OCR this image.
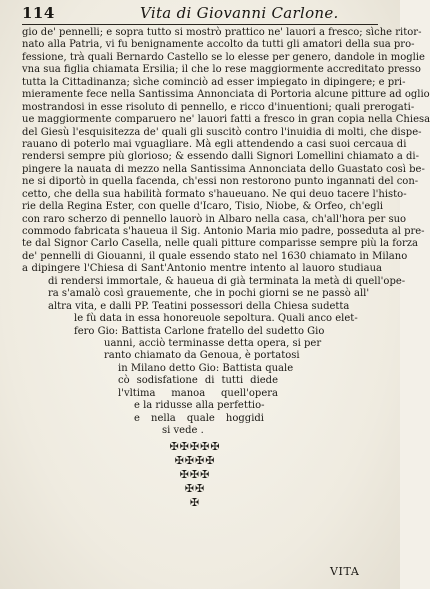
114	Vita di Giovanni Carlone.
gio de' pennelli; e sopra tutto si mostrò prattico ne' lauori a fresco; sìche ritor-
nato alla Patria, vi fu benignamente accolto da tutti gli amatori della sua pro-
fessione, trà quali Bernardo Castello se lo elesse per genero, dandole in moglie
vna sua figlia chiamata Ersilia; il che lo rese maggiormente accreditato presso
tutta la Cittadinanza; sìche cominciò ad esser impiegato in dipingere; e pri-
mieramente fece nella Santissima Annonciata di Portoria alcune pitture ad oglio
mostrandosi in esse risoluto di pennello, e ricco d'inuentioni; quali prerogati-
ue maggiormente comparuero ne' lauori fatti a fresco in gran copia nella Chiesa
del Giesù l'esquisitezza de' quali gli suscitò contro l'inuidia di molti, che dispe-
rauano di poterlo mai vguagliare. Mà egli attendendo a casi suoi cercaua di
rendersi sempre più glorioso; & essendo dalli Signori Lomellini chiamato a di-
pingere la nauata di mezzo nella Santissima Annonciata dello Guastato così be-
ne si diportò in quella facenda, ch'essi non restorono punto ingannati del con-
cetto, che della sua habilità formato s'haueuano. Ne qui deuo tacere l'histo-
rie della Regina Ester, con quelle d'Icaro, Tisio, Niobe, & Orfeo, ch'egli
con raro scherzo di pennello lauorò in Albaro nella casa, ch'all'hora per suo
commodo fabricata s'haueua il Sig. Antonio Maria mio padre, posseduta al pre-
te dal Signor Carlo Casella, nelle quali pitture comparisse sempre più la forza
de' pennelli di Giouanni, il quale essendo stato nel 1630 chiamato in Milano
a dipingere l'Chiesa di Sant'Antonio mentre intento al lauoro studiaua
di rendersi immortale, & haueua di già terminata la metà di quell'ope-
ra s'amalò così grauemente, che in pochi giorni se ne passò all'
altra vita, e dalli PP. Teatini possessori della Chiesa sudetta
le fù data in essa honoreuole sepoltura. Quali anco elet-
fero Gio: Battista Carlone fratello del sudetto Gio
uanni, acciò terminasse detta opera, si per
ranto chiamato da Genoua, è portatosi
in Milano detto Gio: Battista quale
cò sodisfatione di tutti diede
l'vltima manoa quell'opera
e la ridusse alla perfettio-
e nella quale hoggidi
si vede .
✠✠✠✠✠
✠✠✠✠
✠✠✠
✠✠
✠
VITA
